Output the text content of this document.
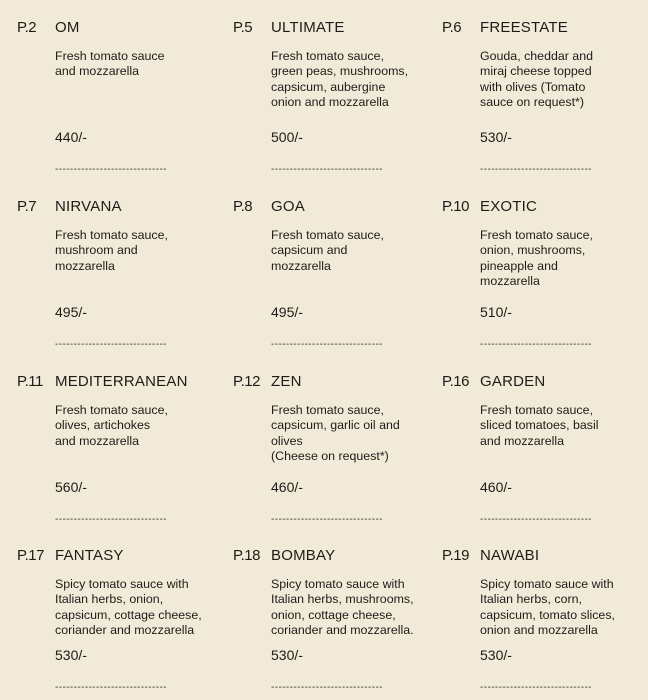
P.2 OM
Fresh tomato sauce
and mozzarella
440/-
------------------------------
P.5 ULTIMATE
Fresh tomato sauce,
green peas, mushrooms,
capsicum, aubergine
onion and mozzarella
500/-
------------------------------
P.6 FREESTATE
Gouda, cheddar and
miraj cheese topped
with olives (Tomato
sauce on request*)
530/-
------------------------------
P.7 NIRVANA
Fresh tomato sauce,
mushroom and
mozzarella
495/-
------------------------------
P.8 GOA
Fresh tomato sauce,
capsicum and
mozzarella
495/-
------------------------------
P.10 EXOTIC
Fresh tomato sauce,
onion, mushrooms,
pineapple and
mozzarella
510/-
------------------------------
P.11 MEDITERRANEAN
Fresh tomato sauce,
olives, artichokes
and mozzarella
560/-
------------------------------
P.12 ZEN
Fresh tomato sauce,
capsicum, garlic oil and
olives
(Cheese on request*)
460/-
------------------------------
P.16 GARDEN
Fresh tomato sauce,
sliced tomatoes, basil
and mozzarella
460/-
------------------------------
P.17 FANTASY
Spicy tomato sauce with
Italian herbs, onion,
capsicum, cottage cheese,
coriander and mozzarella
530/-
------------------------------
P.18 BOMBAY
Spicy tomato sauce with
Italian herbs, mushrooms,
onion, cottage cheese,
coriander and mozzarella.
530/-
------------------------------
P.19 NAWABI
Spicy tomato sauce with
Italian herbs, corn,
capsicum, tomato slices,
onion and mozzarella
530/-
------------------------------
